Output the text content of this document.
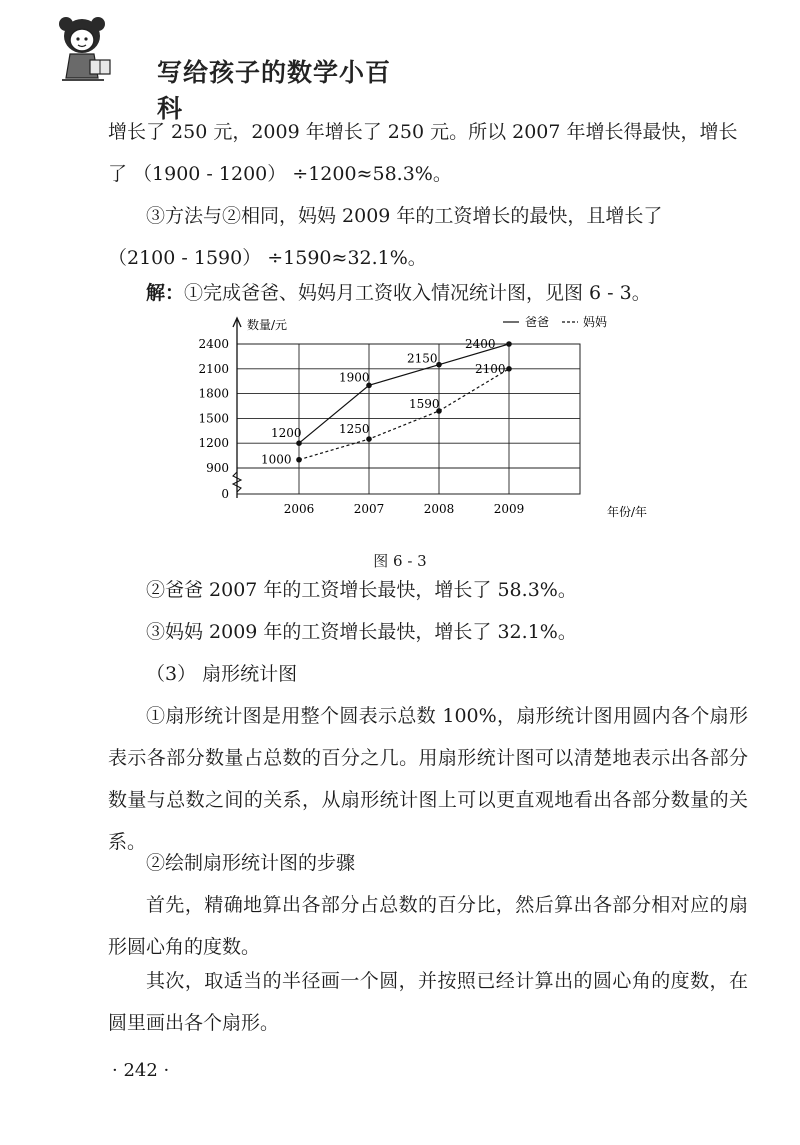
写给孩子的数学小百科

增长了 250 元，2009 年增长了 250 元。所以 2007 年增长得最快，增长

了 （1900 - 1200） ÷1200≈58.3%。

③方法与②相同，妈妈 2009 年的工资增长的最快，且增长了

（2100 - 1590） ÷1590≈32.1%。

解：①完成爸爸、妈妈月工资收入情况统计图，见图 6 - 3。

数量/元
0
900
1200
1500
1800
2100
2400
2006	2007	2008	2009	年份/年
爸爸	妈妈
1200
1900
2150
2400
1000
1250
1590
2100
图 6 - 3

②爸爸 2007 年的工资增长最快，增长了 58.3%。

③妈妈 2009 年的工资增长最快，增长了 32.1%。

（3） 扇形统计图

①扇形统计图是用整个圆表示总数 100%，扇形统计图用圆内各个扇形表示各部分数量占总数的百分之几。用扇形统计图可以清楚地表示出各部分数量与总数之间的关系，从扇形统计图上可以更直观地看出各部分数量的关系。

②绘制扇形统计图的步骤

首先，精确地算出各部分占总数的百分比，然后算出各部分相对应的扇形圆心角的度数。

其次，取适当的半径画一个圆，并按照已经计算出的圆心角的度数，在圆里画出各个扇形。

· 242 ·
